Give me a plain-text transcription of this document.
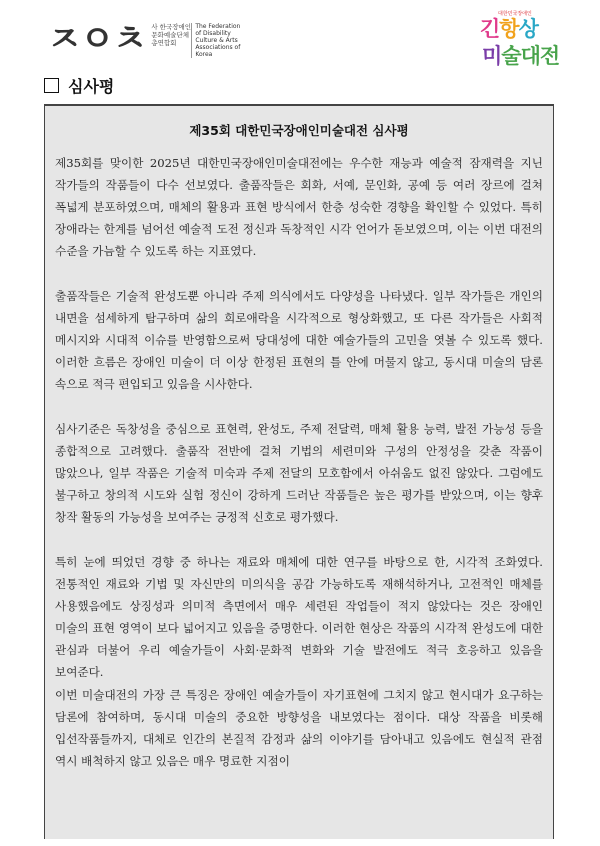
ㅈㅇㅊ 사 한국장애인 문화예술단체 총연합회
The Federation of Disability Culture & Arts Associations of Korea
대한민국장애인
긴항상
미술대전
심사평
제35회 대한민국장애인미술대전 심사평

제35회를 맞이한 2025년 대한민국장애인미술대전에는 우수한 재능과 예술적 잠재력을 지닌 작가들의 작품들이 다수 선보였다. 출품작들은 회화, 서예, 문인화, 공예 등 여러 장르에 걸쳐 폭넓게 분포하였으며, 매체의 활용과 표현 방식에서 한층 성숙한 경향을 확인할 수 있었다. 특히 장애라는 한계를 넘어선 예술적 도전 정신과 독창적인 시각 언어가 돋보였으며, 이는 이번 대전의 수준을 가늠할 수 있도록 하는 지표였다.

출품작들은 기술적 완성도뿐 아니라 주제 의식에서도 다양성을 나타냈다. 일부 작가들은 개인의 내면을 섬세하게 탐구하며 삶의 희로애락을 시각적으로 형상화했고, 또 다른 작가들은 사회적 메시지와 시대적 이슈를 반영함으로써 당대성에 대한 예술가들의 고민을 엿볼 수 있도록 했다. 이러한 흐름은 장애인 미술이 더 이상 한정된 표현의 틀 안에 머물지 않고, 동시대 미술의 담론 속으로 적극 편입되고 있음을 시사한다.

심사기준은 독창성을 중심으로 표현력, 완성도, 주제 전달력, 매체 활용 능력, 발전 가능성 등을 종합적으로 고려했다. 출품작 전반에 걸쳐 기법의 세련미와 구성의 안정성을 갖춘 작품이 많았으나, 일부 작품은 기술적 미숙과 주제 전달의 모호함에서 아쉬움도 없진 않았다. 그럼에도 불구하고 창의적 시도와 실험 정신이 강하게 드러난 작품들은 높은 평가를 받았으며, 이는 향후 창작 활동의 가능성을 보여주는 긍정적 신호로 평가했다.

특히 눈에 띄었던 경향 중 하나는 재료와 매체에 대한 연구를 바탕으로 한, 시각적 조화였다. 전통적인 재료와 기법 및 자신만의 미의식을 공감 가능하도록 재해석하거나, 고전적인 매체를 사용했음에도 상징성과 의미적 측면에서 매우 세련된 작업들이 적지 않았다는 것은 장애인 미술의 표현 영역이 보다 넓어지고 있음을 증명한다. 이러한 현상은 작품의 시각적 완성도에 대한 관심과 더불어 우리 예술가들이 사회·문화적 변화와 기술 발전에도 적극 호응하고 있음을 보여준다.

이번 미술대전의 가장 큰 특징은 장애인 예술가들이 자기표현에 그치지 않고 현시대가 요구하는 담론에 참여하며, 동시대 미술의 중요한 방향성을 내보였다는 점이다. 대상 작품을 비롯해 입선작품들까지, 대체로 인간의 본질적 감정과 삶의 이야기를 담아내고 있음에도 현실적 관점 역시 배척하지 않고 있음은 매우 명료한 지점이
